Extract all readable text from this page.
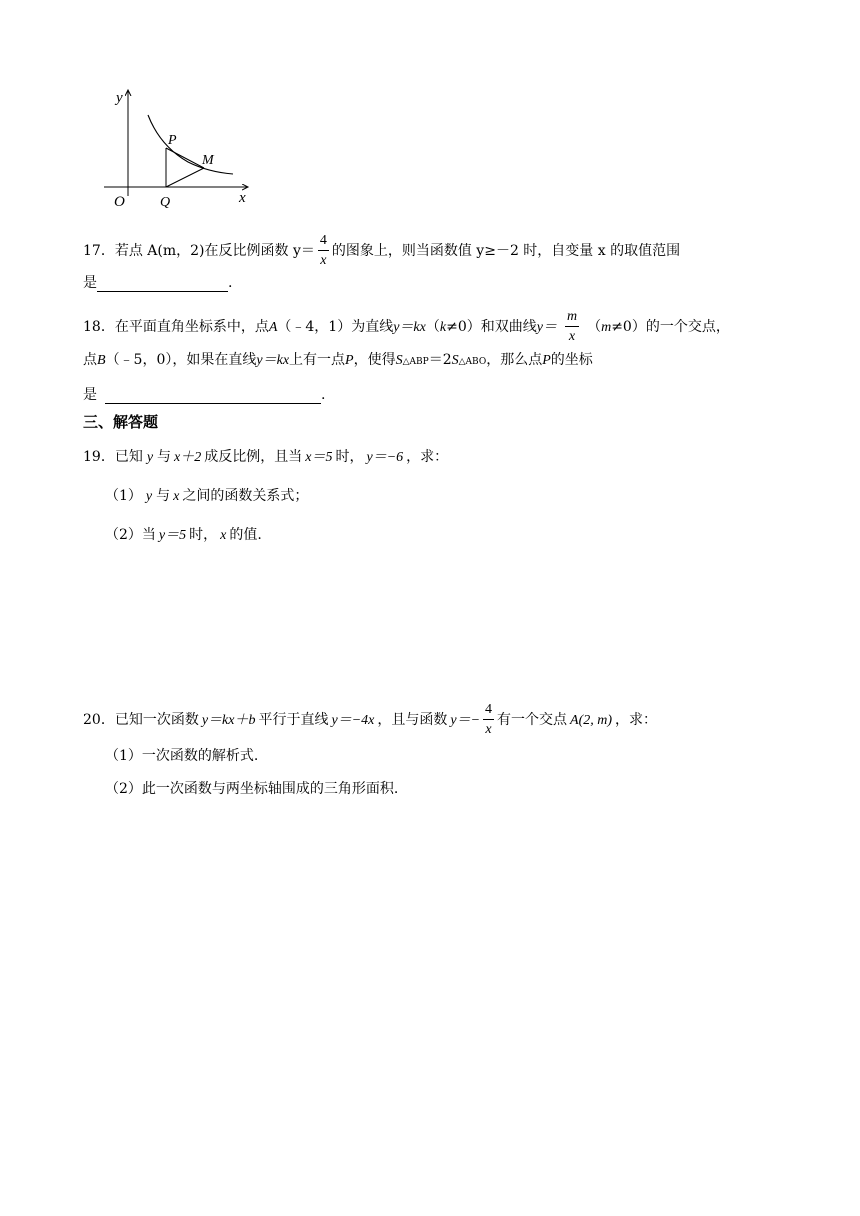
y
x
O
P
M
Q
17．若点 A(m，2)在反比例函数 $y= \frac{4}{x}$ 的图象上，则当函数值 y≥－2 时，自变量 x 的取值范围
是	.
18．在平面直角坐标系中，点A（﹣4，1）为直线y＝kx（k≠0）和双曲线$y= \frac{m}{x} (m\ne 0)$的一个交点，
点B（﹣5，0），如果在直线y＝kx上有一点P，使得S△ABP＝2S△ABO，那么点P的坐标
是	.
三、解答题
19．已知 y 与 x＋2 成反比例，且当 x＝5 时， y＝−6 ，求：
（1） y 与 x 之间的函数关系式；
（2）当 y＝5 时， x 的值.
20．已知一次函数 y＝kx＋b 平行于直线 y＝−4x ，且与函数 $y=- \frac{4}{x}$ 有一个交点 A(2, m) ，求：
（1）一次函数的解析式.
（2）此一次函数与两坐标轴围成的三角形面积.
